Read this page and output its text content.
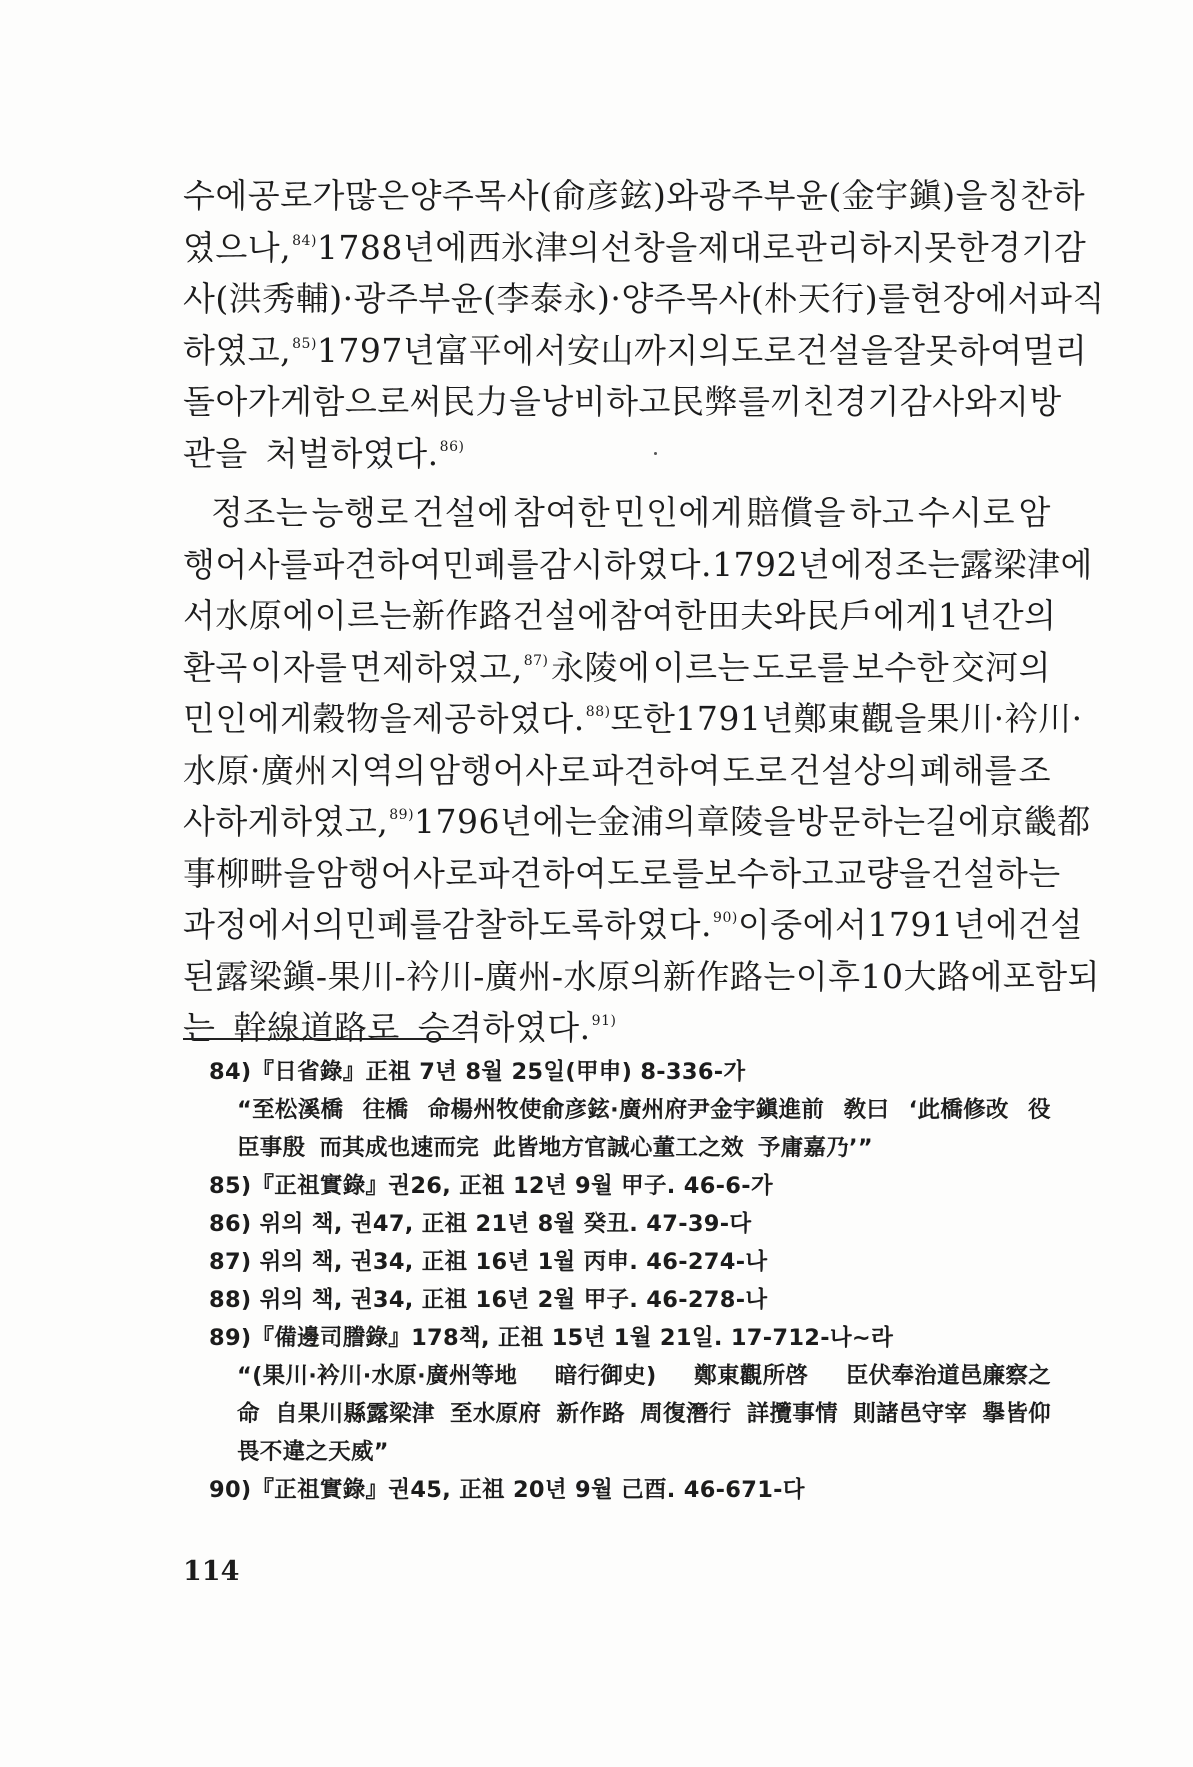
수에 공로가 많은 양주목사(俞彦鉉)와 광주부윤(金宇鎭)을 칭찬하
였으나,$^{84)}$ 1788년에 西氷津의 선창을 제대로 관리하지 못한 경기감
사(洪秀輔)·광주부윤(李泰永)·양주목사(朴天行)를 현장에서 파직
하였고,$^{85)}$ 1797년 富平에서 安山까지의 도로 건설을 잘못하여 멀리
돌아가게 함으로써 民力을 낭비하고 民弊를 끼친 경기감사와 지방
관을 처벌하였다.$^{86)}$
정조는 능행로 건설에 참여한 민인에게 賠償을 하고 수시로 암
행어사를 파견하여 민폐를 감시하였다. 1792년에 정조는 露梁津에
서 水原에 이르는 新作路 건설에 참여한 田夫와 民戶에게 1년간의
환곡 이자를 면제하였고,$^{87)}$ 永陵에 이르는 도로를 보수한 交河의
민인에게 穀物을 제공하였다.$^{88)}$ 또한 1791년 鄭東觀을 果川·衿川·
水原·廣州 지역의 암행어사로 파견하여 도로 건설상의 폐해를 조
사하게 하였고,$^{89)}$ 1796년에는 金浦의 章陵을 방문하는 길에 京畿都
事 柳畊을 암행어사로 파견하여 도로를 보수하고 교량을 건설하는
과정에서의 민폐를 감찰하도록 하였다.$^{90)}$ 이 중에서 1791년에 건설
된 露梁鎭-果川-衿川-廣州-水原의 新作路는 이후 10大路에 포함되
는 幹線道路로 승격하였다.$^{91)}$
84)『日省錄』正祖 7년 8월 25일(甲申) 8-336-가
“至松溪橋 往橋 命楊州牧使俞彦鉉·廣州府尹金宇鎭進前 敎曰 ‘此橋修改 役
臣事殷 而其成也速而完 此皆地方官誠心董工之效 予庸嘉乃’”
85)『正祖實錄』권26, 正祖 12년 9월 甲子. 46-6-가
86) 위의 책, 권47, 正祖 21년 8월 癸丑. 47-39-다
87) 위의 책, 권34, 正祖 16년 1월 丙申. 46-274-나
88) 위의 책, 권34, 正祖 16년 2월 甲子. 46-278-나
89)『備邊司謄錄』178책, 正祖 15년 1월 21일. 17-712-나~라
“(果川·衿川·水原·廣州等地 暗行御史) 鄭東觀所啓 臣伏奉治道邑廉察之
命 自果川縣露梁津 至水原府 新作路 周復潛行 詳攬事情 則諸邑守宰 擧皆仰
畏不違之天威”
90)『正祖實錄』권45, 正祖 20년 9월 己酉. 46-671-다
114
